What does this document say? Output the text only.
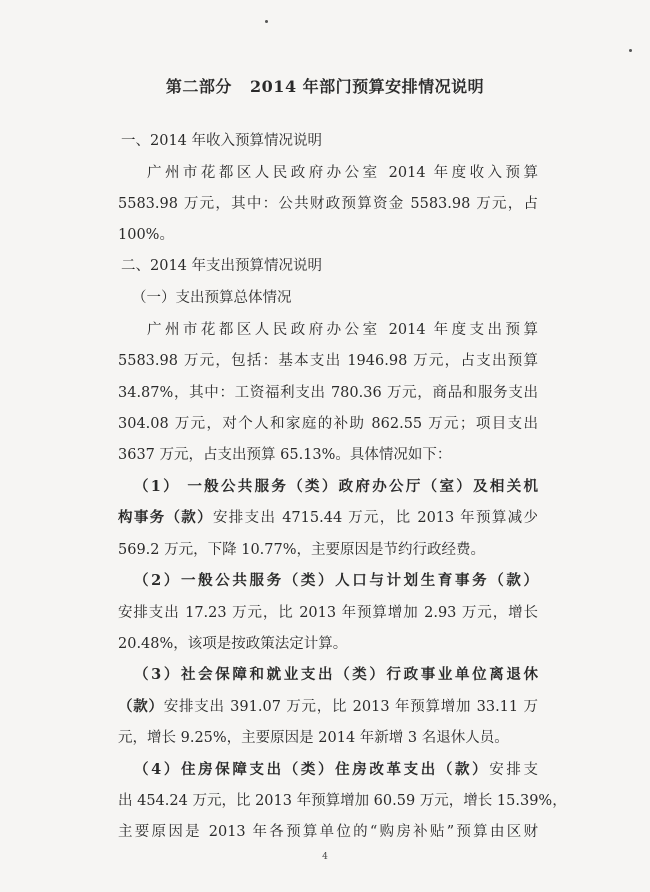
第二部分   2014 年部门预算安排情况说明
一、2014 年收入预算情况说明
广州市花都区人民政府办公室 2014 年度收入预算
5583.98 万元，其中：公共财政预算资金 5583.98 万元，占
100%。
二、2014 年支出预算情况说明
（一）支出预算总体情况
广州市花都区人民政府办公室 2014 年度支出预算
5583.98 万元，包括：基本支出 1946.98 万元，占支出预算
34.87%，其中：工资福利支出 780.36 万元，商品和服务支出
304.08 万元，对个人和家庭的补助 862.55 万元；项目支出
3637 万元，占支出预算 65.13%。具体情况如下：
（1） 一般公共服务（类）政府办公厅（室）及相关机
构事务（款）安排支出 4715.44 万元，比 2013 年预算减少
569.2 万元，下降 10.77%，主要原因是节约行政经费。
（2）一般公共服务（类）人口与计划生育事务（款）
安排支出 17.23 万元，比 2013 年预算增加 2.93 万元，增长
20.48%，该项是按政策法定计算。
（3）社会保障和就业支出（类）行政事业单位离退休
（款）安排支出 391.07 万元，比 2013 年预算增加 33.11 万
元，增长 9.25%，主要原因是 2014 年新增 3 名退休人员。
（4）住房保障支出（类）住房改革支出（款）安排支
出 454.24 万元，比 2013 年预算增加 60.59 万元，增长 15.39%，
主要原因是 2013 年各预算单位的“购房补贴”预算由区财
4
